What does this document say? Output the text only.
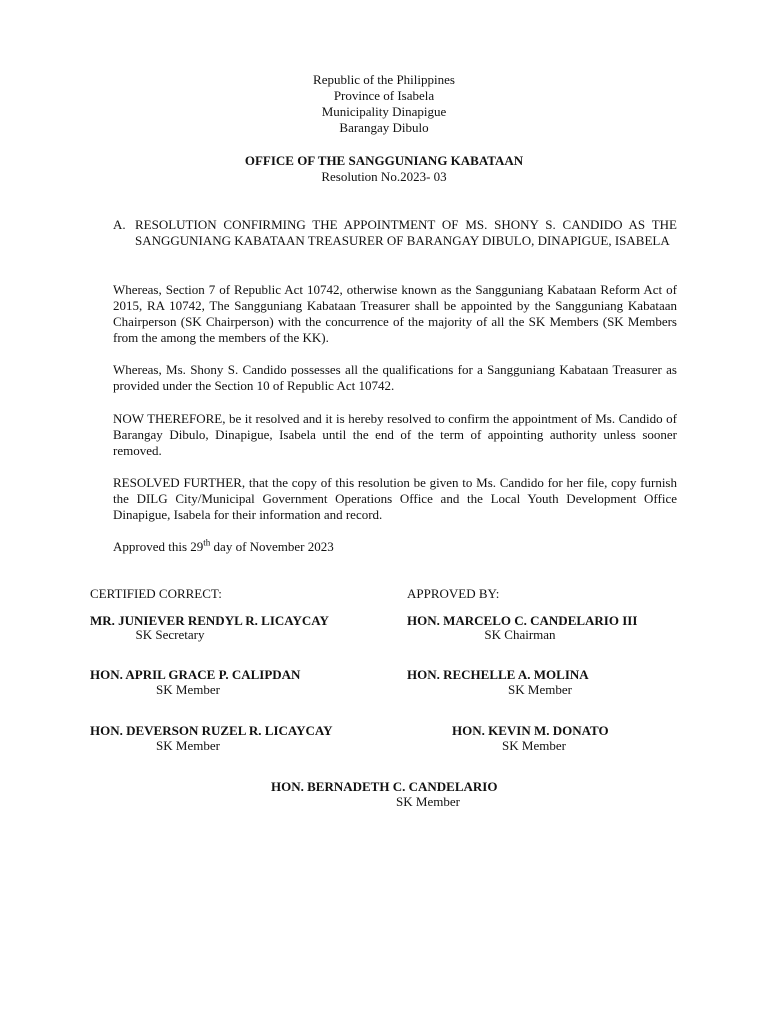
Republic of the Philippines
Province of Isabela
Municipality Dinapigue
Barangay Dibulo
OFFICE OF THE SANGGUNIANG KABATAAN
Resolution No.2023- 03
A. RESOLUTION CONFIRMING THE APPOINTMENT OF MS. SHONY S. CANDIDO AS THE SANGGUNIANG KABATAAN TREASURER OF BARANGAY DIBULO, DINAPIGUE, ISABELA

Whereas, Section 7 of Republic Act 10742, otherwise known as the Sangguniang Kabataan Reform Act of 2015, RA 10742, The Sangguniang Kabataan Treasurer shall be appointed by the Sangguniang Kabataan Chairperson (SK Chairperson) with the concurrence of the majority of all the SK Members (SK Members from the among the members of the KK).

Whereas, Ms. Shony S. Candido possesses all the qualifications for a Sangguniang Kabataan Treasurer as provided under the Section 10 of Republic Act 10742.

NOW THEREFORE, be it resolved and it is hereby resolved to confirm the appointment of Ms. Candido of Barangay Dibulo, Dinapigue, Isabela until the end of the term of appointing authority unless sooner removed.

RESOLVED FURTHER, that the copy of this resolution be given to Ms. Candido for her file, copy furnish the DILG City/Municipal Government Operations Office and the Local Youth Development Office Dinapigue, Isabela for their information and record.

Approved this 29th day of November 2023
CERTIFIED CORRECT:	APPROVED BY:
MR. JUNIEVER RENDYL R. LICAYCAY
SK Secretary
HON. MARCELO C. CANDELARIO III
SK Chairman
HON. APRIL GRACE P. CALIPDAN
SK Member
HON. RECHELLE A. MOLINA
SK Member
HON. DEVERSON RUZEL R. LICAYCAY
SK Member
HON. KEVIN M. DONATO
SK Member
HON. BERNADETH C. CANDELARIO
SK Member
